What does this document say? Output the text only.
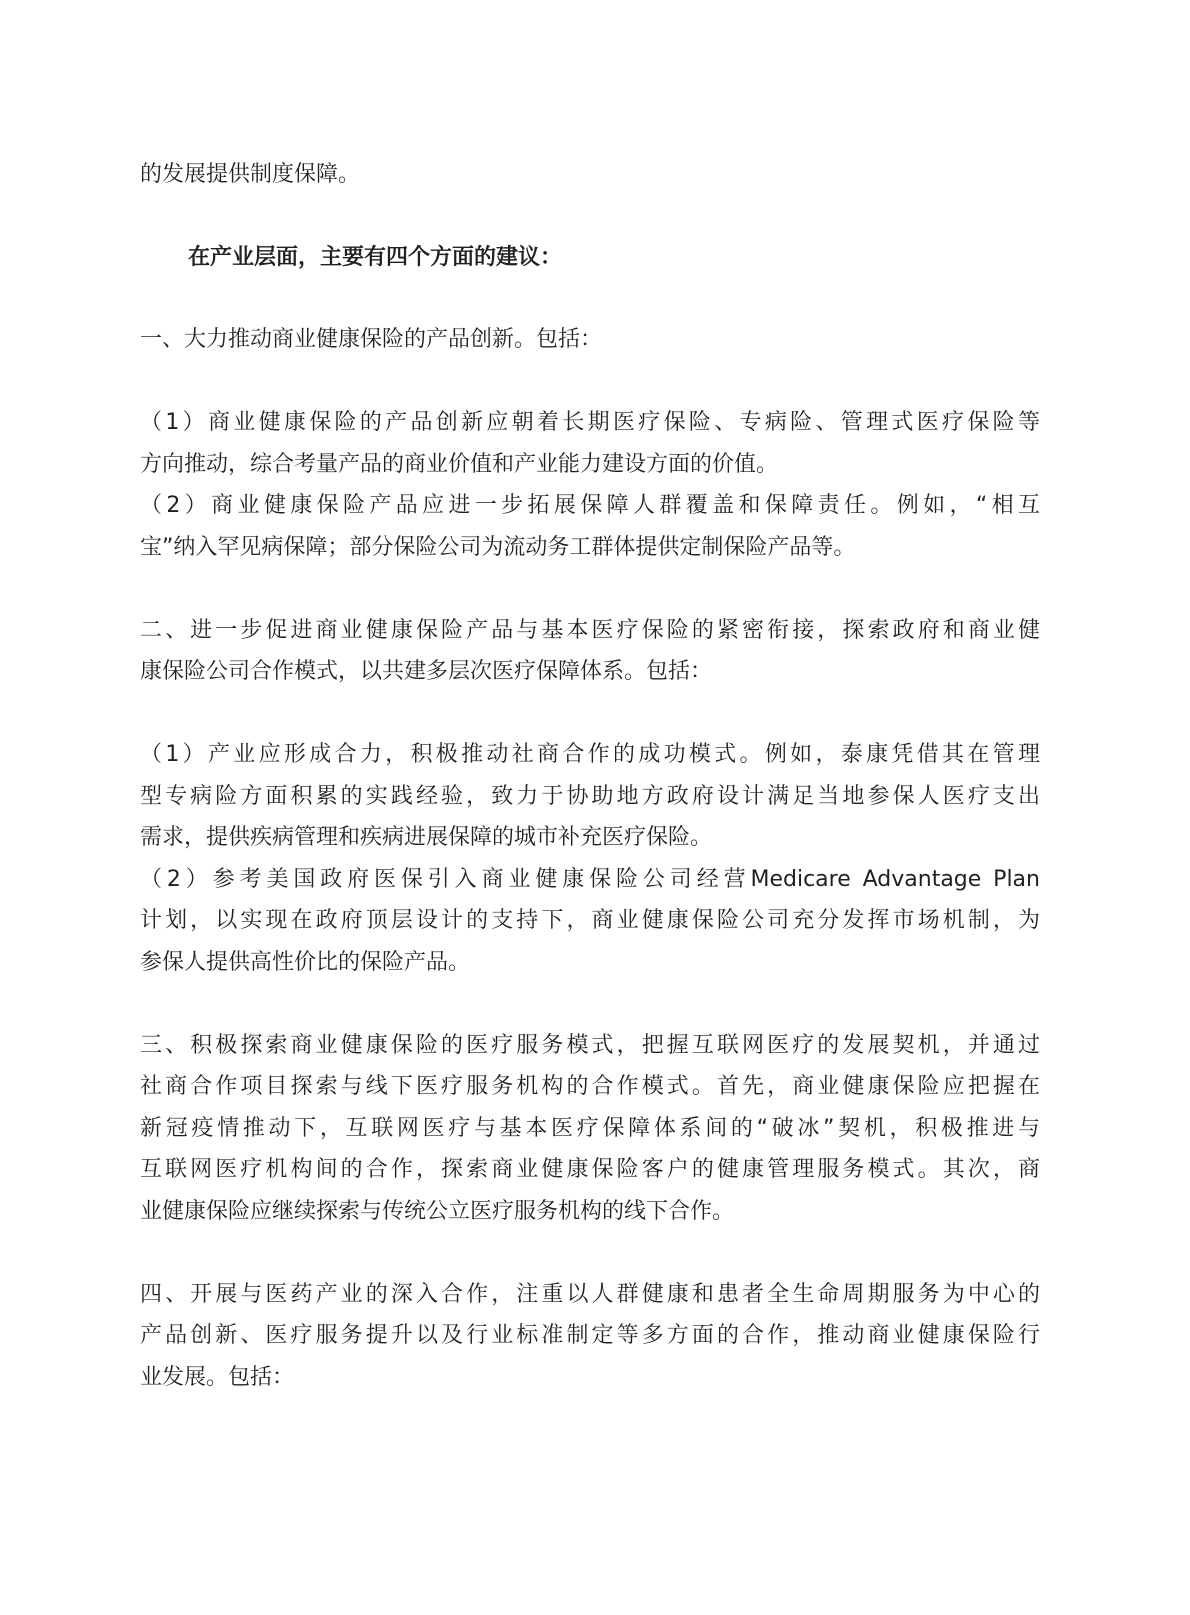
的发展提供制度保障。
在产业层面，主要有四个方面的建议：
一、大力推动商业健康保险的产品创新。包括：
（1）商业健康保险的产品创新应朝着长期医疗保险、专病险、管理式医疗保险等
方向推动，综合考量产品的商业价值和产业能力建设方面的价值。
（2）商业健康保险产品应进一步拓展保障人群覆盖和保障责任。例如，“相互
宝”纳入罕见病保障；部分保险公司为流动务工群体提供定制保险产品等。
二、进一步促进商业健康保险产品与基本医疗保险的紧密衔接，探索政府和商业健
康保险公司合作模式，以共建多层次医疗保障体系。包括：
（1）产业应形成合力，积极推动社商合作的成功模式。例如，泰康凭借其在管理
型专病险方面积累的实践经验，致力于协助地方政府设计满足当地参保人医疗支出
需求，提供疾病管理和疾病进展保障的城市补充医疗保险。
（2）参考美国政府医保引入商业健康保险公司经营Medicare Advantage Plan
计划，以实现在政府顶层设计的支持下，商业健康保险公司充分发挥市场机制，为
参保人提供高性价比的保险产品。
三、积极探索商业健康保险的医疗服务模式，把握互联网医疗的发展契机，并通过
社商合作项目探索与线下医疗服务机构的合作模式。首先，商业健康保险应把握在
新冠疫情推动下，互联网医疗与基本医疗保障体系间的“破冰”契机，积极推进与
互联网医疗机构间的合作，探索商业健康保险客户的健康管理服务模式。其次，商
业健康保险应继续探索与传统公立医疗服务机构的线下合作。
四、开展与医药产业的深入合作，注重以人群健康和患者全生命周期服务为中心的
产品创新、医疗服务提升以及行业标准制定等多方面的合作，推动商业健康保险行
业发展。包括：
